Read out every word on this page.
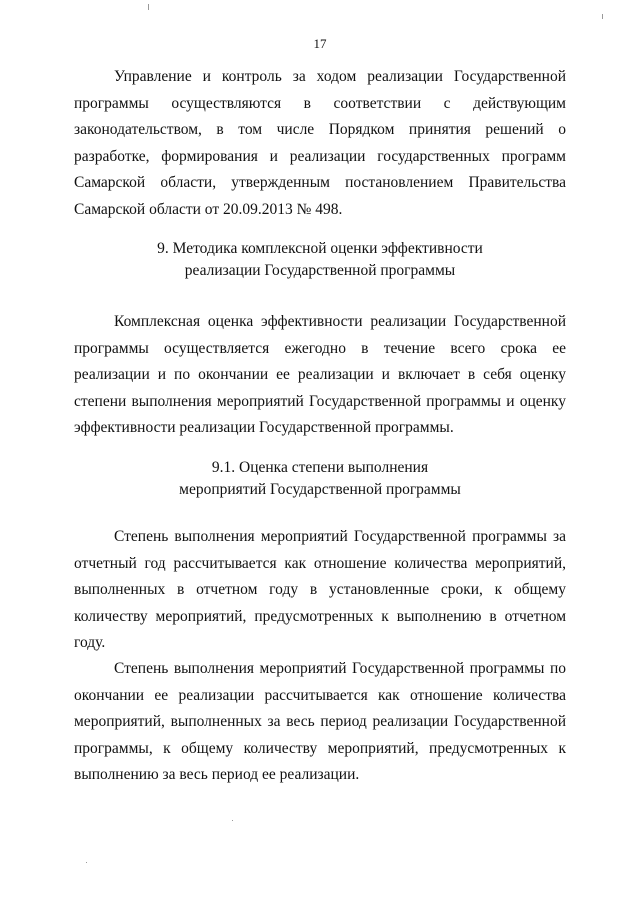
17

Управление и контроль за ходом реализации Государственной программы осуществляются в соответствии с действующим законодательством, в том числе Порядком принятия решений о разработке, формирования и реализации государственных программ Самарской области, утвержденным постановлением Правительства Самарской области от 20.09.2013 № 498.

9. Методика комплексной оценки эффективности
реализации Государственной программы

Комплексная оценка эффективности реализации Государственной программы осуществляется ежегодно в течение всего срока ее реализации и по окончании ее реализации и включает в себя оценку степени выполнения мероприятий Государственной программы и оценку эффективности реализации Государственной программы.

9.1. Оценка степени выполнения
мероприятий Государственной программы

Степень выполнения мероприятий Государственной программы за отчетный год рассчитывается как отношение количества мероприятий, выполненных в отчетном году в установленные сроки, к общему количеству мероприятий, предусмотренных к выполнению в отчетном году.

Степень выполнения мероприятий Государственной программы по окончании ее реализации рассчитывается как отношение количества мероприятий, выполненных за весь период реализации Государственной программы, к общему количеству мероприятий, предусмотренных к выполнению за весь период ее реализации.
